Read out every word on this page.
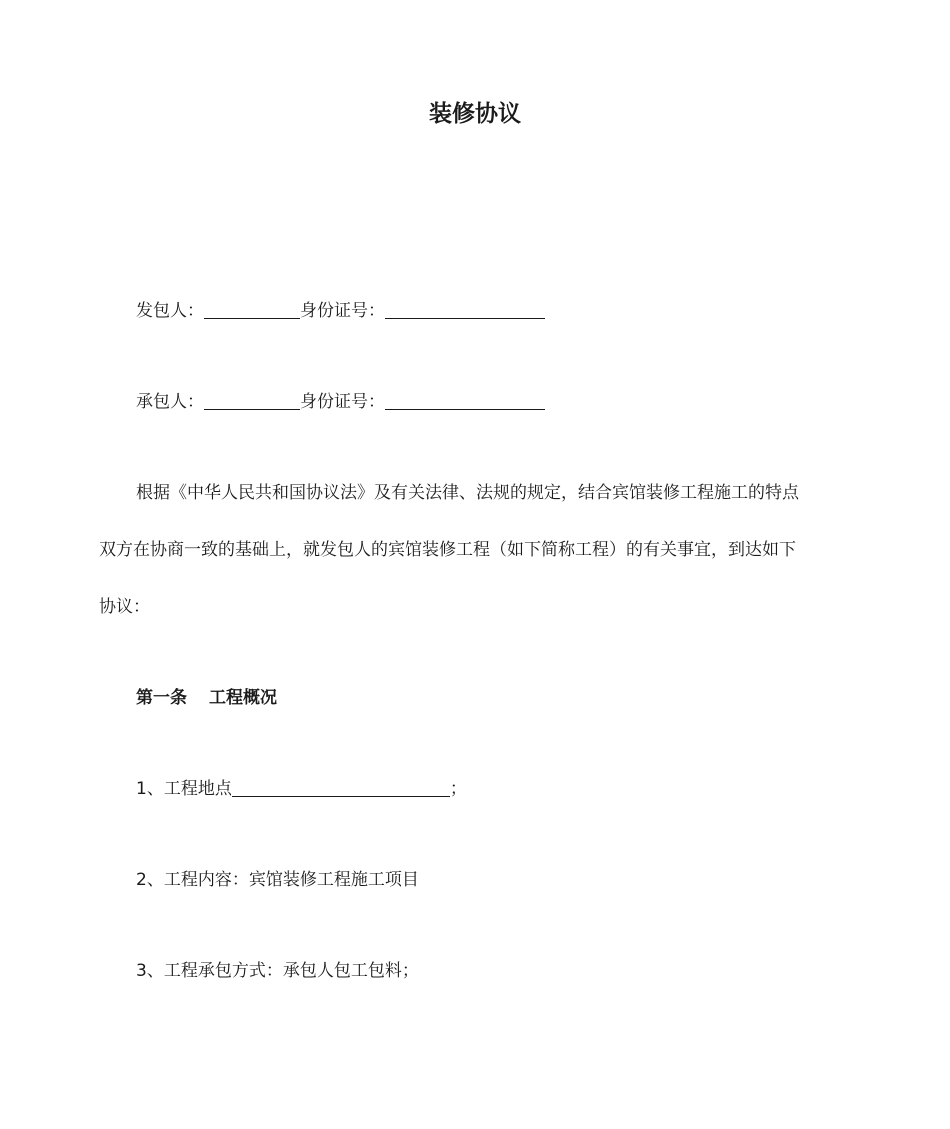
装修协议
发包人：	身份证号：
承包人：	身份证号：
根据《中华人民共和国协议法》及有关法律、法规的规定，结合宾馆装修工程施工的特点
双方在协商一致的基础上，就发包人的宾馆装修工程（如下简称工程）的有关事宜，到达如下
协议：
第一条 工程概况
1、工程地点	；
2、工程内容：宾馆装修工程施工项目
3、工程承包方式：承包人包工包料；
